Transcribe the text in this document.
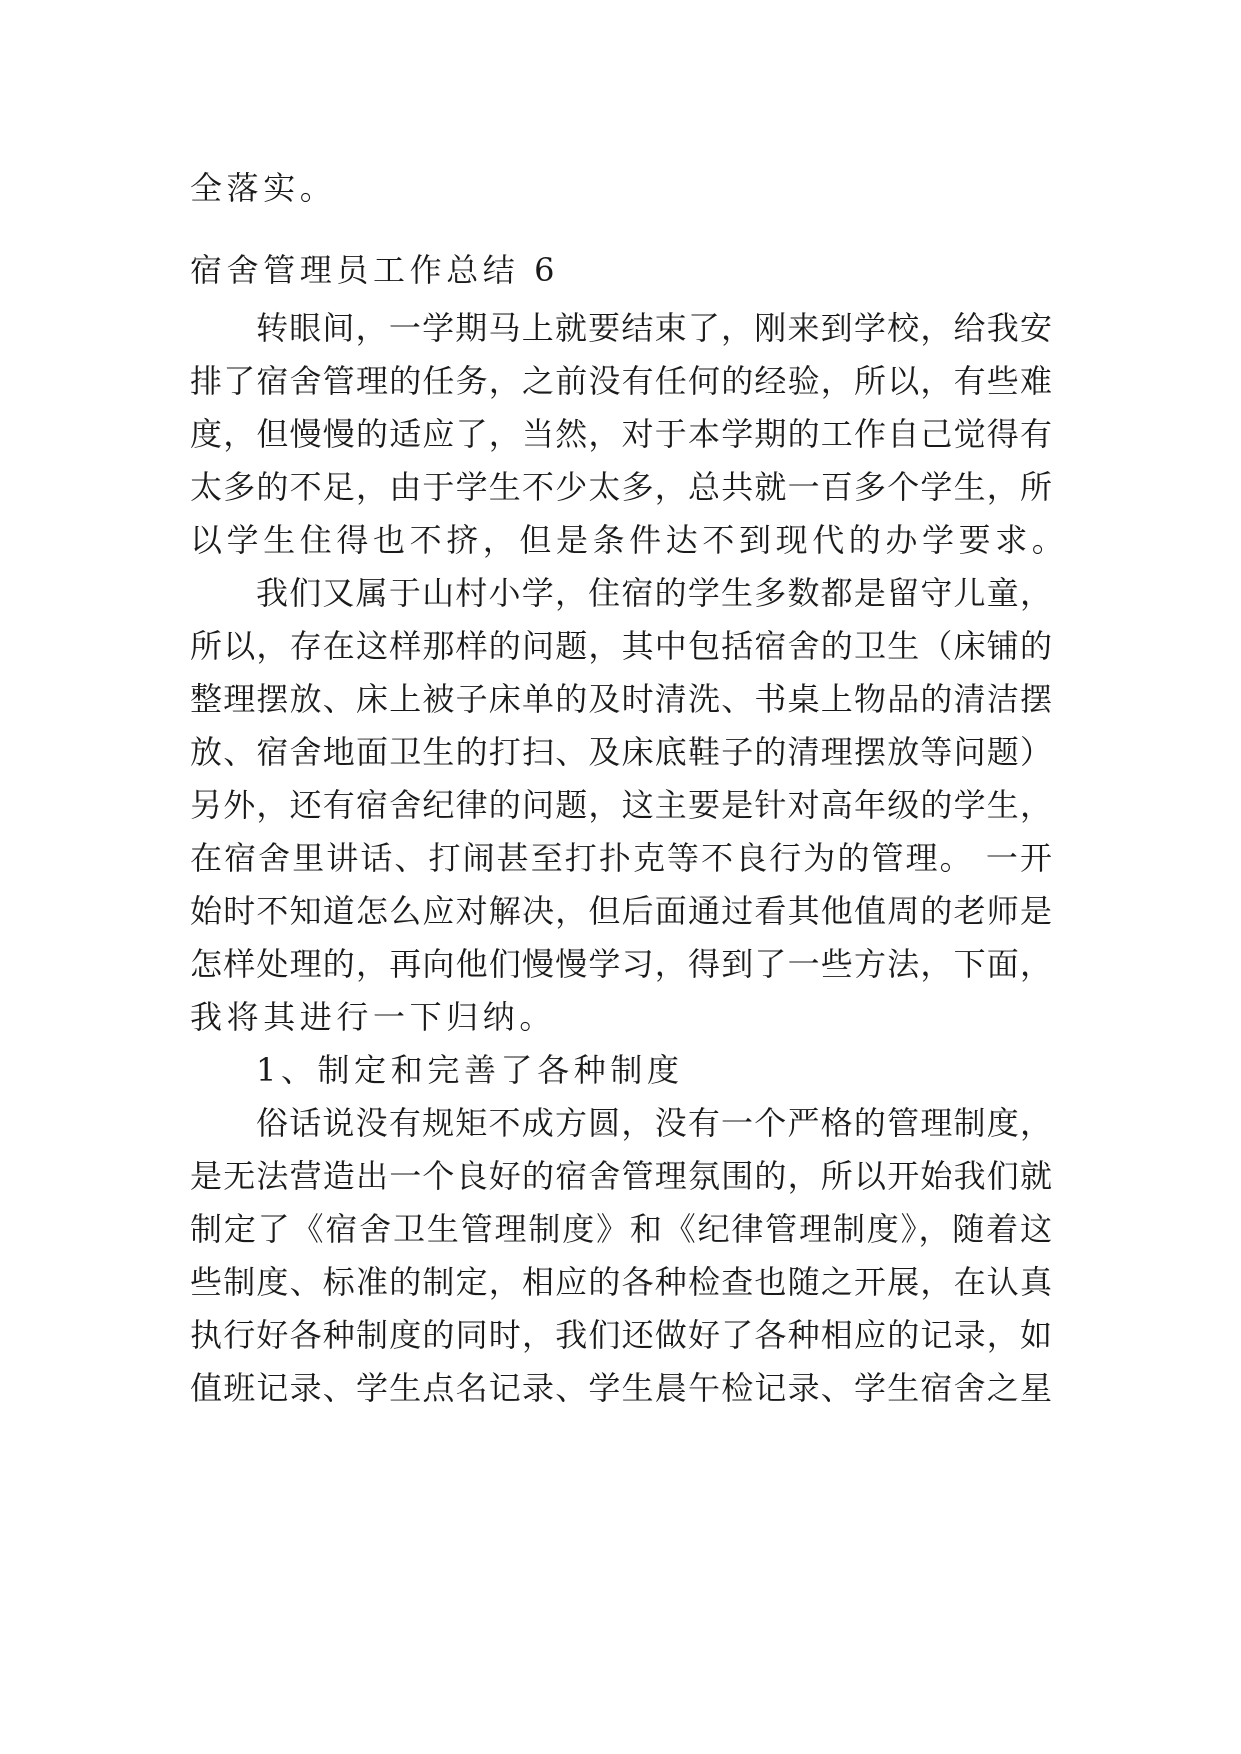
全落实。
宿舍管理员工作总结 6
转眼间，一学期马上就要结束了，刚来到学校，给我安
排了宿舍管理的任务，之前没有任何的经验，所以，有些难
度，但慢慢的适应了，当然，对于本学期的工作自己觉得有
太多的不足，由于学生不少太多，总共就一百多个学生，所
以学生住得也不挤，但是条件达不到现代的办学要求。
我们又属于山村小学，住宿的学生多数都是留守儿童，
所以，存在这样那样的问题，其中包括宿舍的卫生（床铺的
整理摆放、床上被子床单的及时清洗、书桌上物品的清洁摆
放、宿舍地面卫生的打扫、及床底鞋子的清理摆放等问题）
另外，还有宿舍纪律的问题，这主要是针对高年级的学生，
在宿舍里讲话、打闹甚至打扑克等不良行为的管理。 一开
始时不知道怎么应对解决，但后面通过看其他值周的老师是
怎样处理的，再向他们慢慢学习，得到了一些方法，下面，
我将其进行一下归纳。
1、制定和完善了各种制度
俗话说没有规矩不成方圆，没有一个严格的管理制度，
是无法营造出一个良好的宿舍管理氛围的，所以开始我们就
制定了《宿舍卫生管理制度》和《纪律管理制度》，随着这
些制度、标准的制定，相应的各种检查也随之开展，在认真
执行好各种制度的同时，我们还做好了各种相应的记录，如
值班记录、学生点名记录、学生晨午检记录、学生宿舍之星
